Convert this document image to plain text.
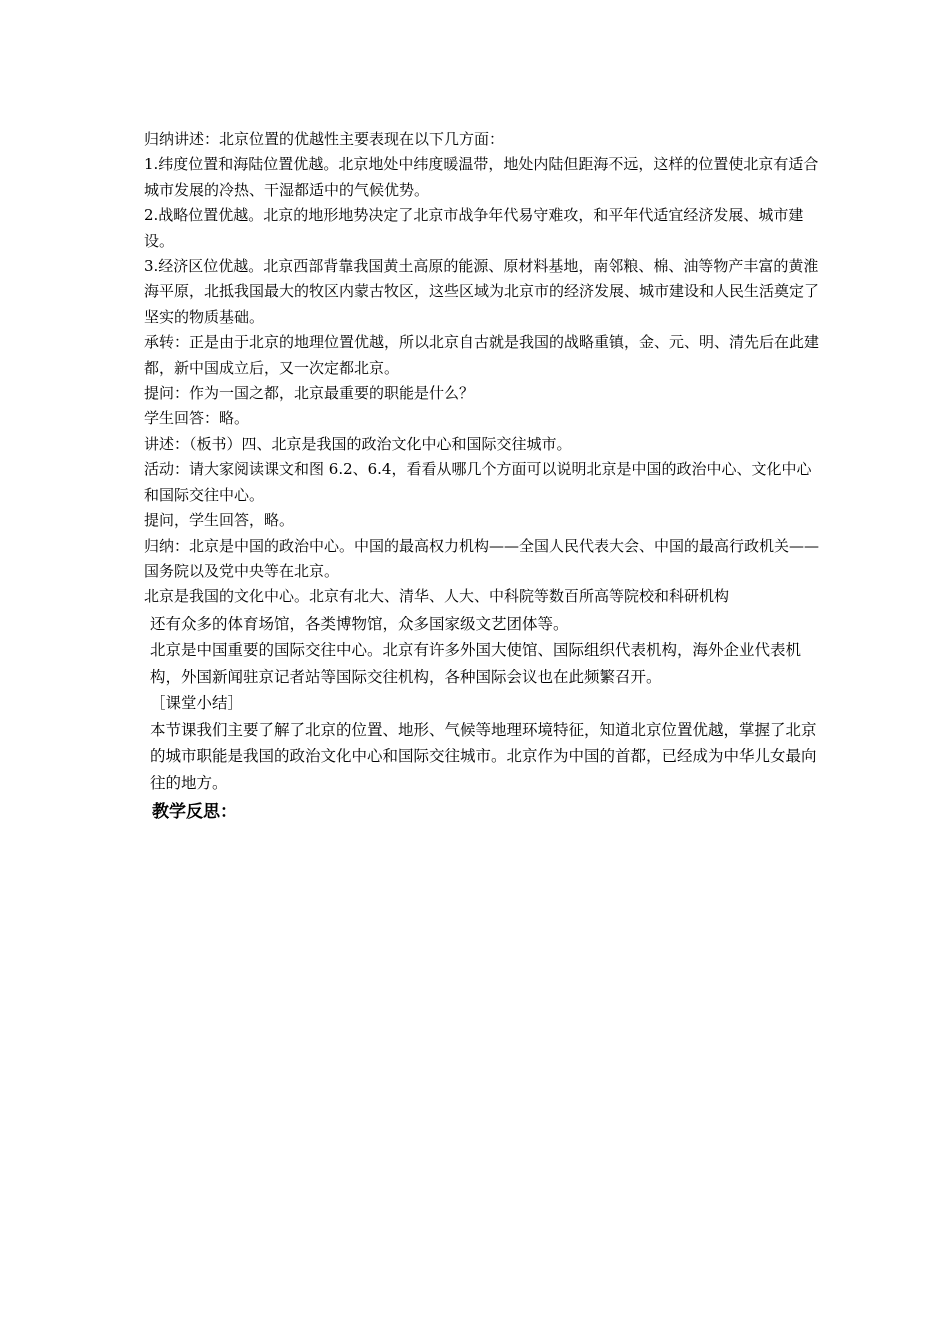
归纳讲述：北京位置的优越性主要表现在以下几方面：

1.纬度位置和海陆位置优越。北京地处中纬度暖温带，地处内陆但距海不远，这样的位置使北京有适合城市发展的冷热、干湿都适中的气候优势。

2.战略位置优越。北京的地形地势决定了北京市战争年代易守难攻，和平年代适宜经济发展、城市建设。

3.经济区位优越。北京西部背靠我国黄土高原的能源、原材料基地，南邻粮、棉、油等物产丰富的黄淮海平原，北抵我国最大的牧区内蒙古牧区，这些区域为北京市的经济发展、城市建设和人民生活奠定了坚实的物质基础。

承转：正是由于北京的地理位置优越，所以北京自古就是我国的战略重镇，金、元、明、清先后在此建都，新中国成立后，又一次定都北京。

提问：作为一国之都，北京最重要的职能是什么？

学生回答：略。

讲述：（板书）四、北京是我国的政治文化中心和国际交往城市。

活动：请大家阅读课文和图 6.2、6.4，看看从哪几个方面可以说明北京是中国的政治中心、文化中心和国际交往中心。

提问，学生回答，略。

归纳：北京是中国的政治中心。中国的最高权力机构——全国人民代表大会、中国的最高行政机关——国务院以及党中央等在北京。

北京是我国的文化中心。北京有北大、清华、人大、中科院等数百所高等院校和科研机构

还有众多的体育场馆，各类博物馆，众多国家级文艺团体等。

北京是中国重要的国际交往中心。北京有许多外国大使馆、国际组织代表机构，海外企业代表机构，外国新闻驻京记者站等国际交往机构，各种国际会议也在此频繁召开。

［课堂小结］

本节课我们主要了解了北京的位置、地形、气候等地理环境特征，知道北京位置优越，掌握了北京的城市职能是我国的政治文化中心和国际交往城市。北京作为中国的首都，已经成为中华儿女最向往的地方。

教学反思：
